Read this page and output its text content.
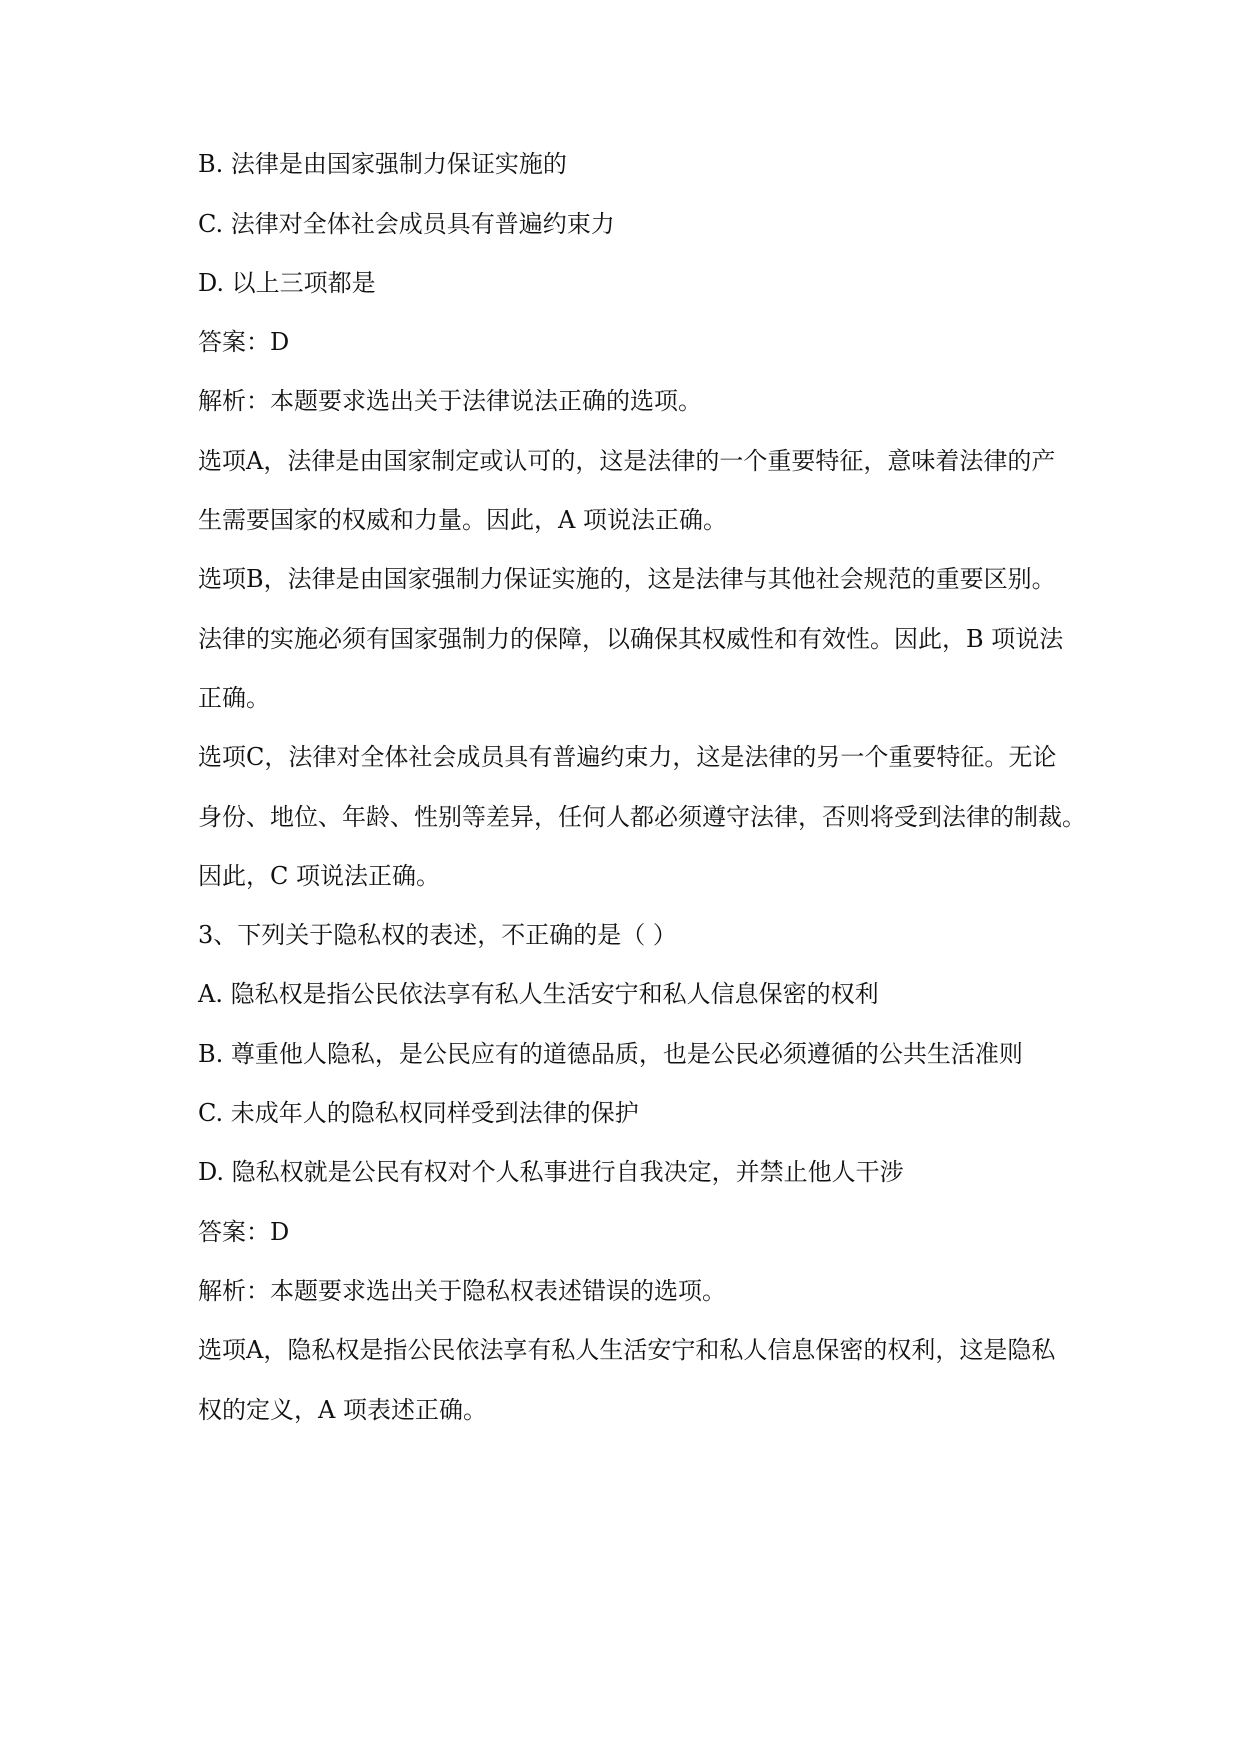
B. 法律是由国家强制力保证实施的
C. 法律对全体社会成员具有普遍约束力
D. 以上三项都是
答案：D
解析：本题要求选出关于法律说法正确的选项。
选项A，法律是由国家制定或认可的，这是法律的一个重要特征，意味着法律的产
生需要国家的权威和力量。因此，A 项说法正确。
选项B，法律是由国家强制力保证实施的，这是法律与其他社会规范的重要区别。
法律的实施必须有国家强制力的保障，以确保其权威性和有效性。因此，B 项说法
正确。
选项C，法律对全体社会成员具有普遍约束力，这是法律的另一个重要特征。无论
身份、地位、年龄、性别等差异，任何人都必须遵守法律，否则将受到法律的制裁。
因此，C 项说法正确。
3、下列关于隐私权的表述，不正确的是（ ）
A. 隐私权是指公民依法享有私人生活安宁和私人信息保密的权利
B. 尊重他人隐私，是公民应有的道德品质，也是公民必须遵循的公共生活准则
C. 未成年人的隐私权同样受到法律的保护
D. 隐私权就是公民有权对个人私事进行自我决定，并禁止他人干涉
答案：D
解析：本题要求选出关于隐私权表述错误的选项。
选项A，隐私权是指公民依法享有私人生活安宁和私人信息保密的权利，这是隐私
权的定义，A 项表述正确。
